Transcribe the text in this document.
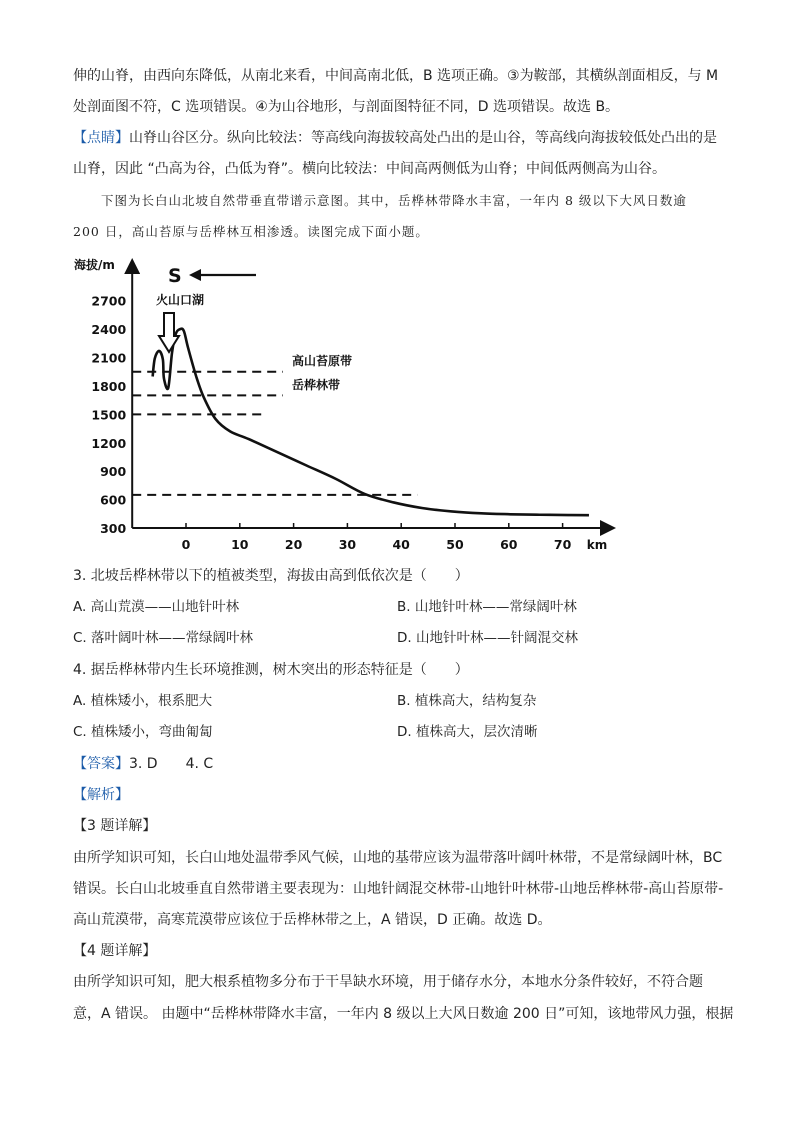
伸的山脊，由西向东降低，从南北来看，中间高南北低，B 选项正确。③为鞍部，其横纵剖面相反，与 M
处剖面图不符，C 选项错误。④为山谷地形，与剖面图特征不同，D 选项错误。故选 B。
【点睛】山脊山谷区分。纵向比较法：等高线向海拔较高处凸出的是山谷，等高线向海拔较低处凸出的是
山脊，因此 “凸高为谷，凸低为脊”。横向比较法：中间高两侧低为山脊；中间低两侧高为山谷。
下图为长白山北坡自然带垂直带谱示意图。其中，岳桦林带降水丰富，一年内 8 级以下大风日数逾
200 日，高山苔原与岳桦林互相渗透。读图完成下面小题。
0	10	20	30	40	50	60	70
300
600
900
1200
1500
1800
2100
2400
2700
海拔/m
km
S
火山口湖
高山苔原带
岳桦林带
3. 北坡岳桦林带以下的植被类型，海拔由高到低依次是（　　）
A. 高山荒漠——山地针叶林	B. 山地针叶林——常绿阔叶林
C. 落叶阔叶林——常绿阔叶林	D. 山地针叶林——针阔混交林
4. 据岳桦林带内生长环境推测，树木突出的形态特征是（　　）
A. 植株矮小，根系肥大	B. 植株高大，结构复杂
C. 植株矮小，弯曲匍匐	D. 植株高大，层次清晰
【答案】3. D　　4. C
【解析】
【3 题详解】
由所学知识可知，长白山地处温带季风气候，山地的基带应该为温带落叶阔叶林带，不是常绿阔叶林，BC
错误。长白山北坡垂直自然带谱主要表现为：山地针阔混交林带-山地针叶林带-山地岳桦林带-高山苔原带-
高山荒漠带，高寒荒漠带应该位于岳桦林带之上，A 错误，D 正确。故选 D。
【4 题详解】
由所学知识可知，肥大根系植物多分布于干旱缺水环境，用于储存水分，本地水分条件较好，不符合题
意，A 错误。 由题中“岳桦林带降水丰富，一年内 8 级以上大风日数逾 200 日”可知，该地带风力强，根据
